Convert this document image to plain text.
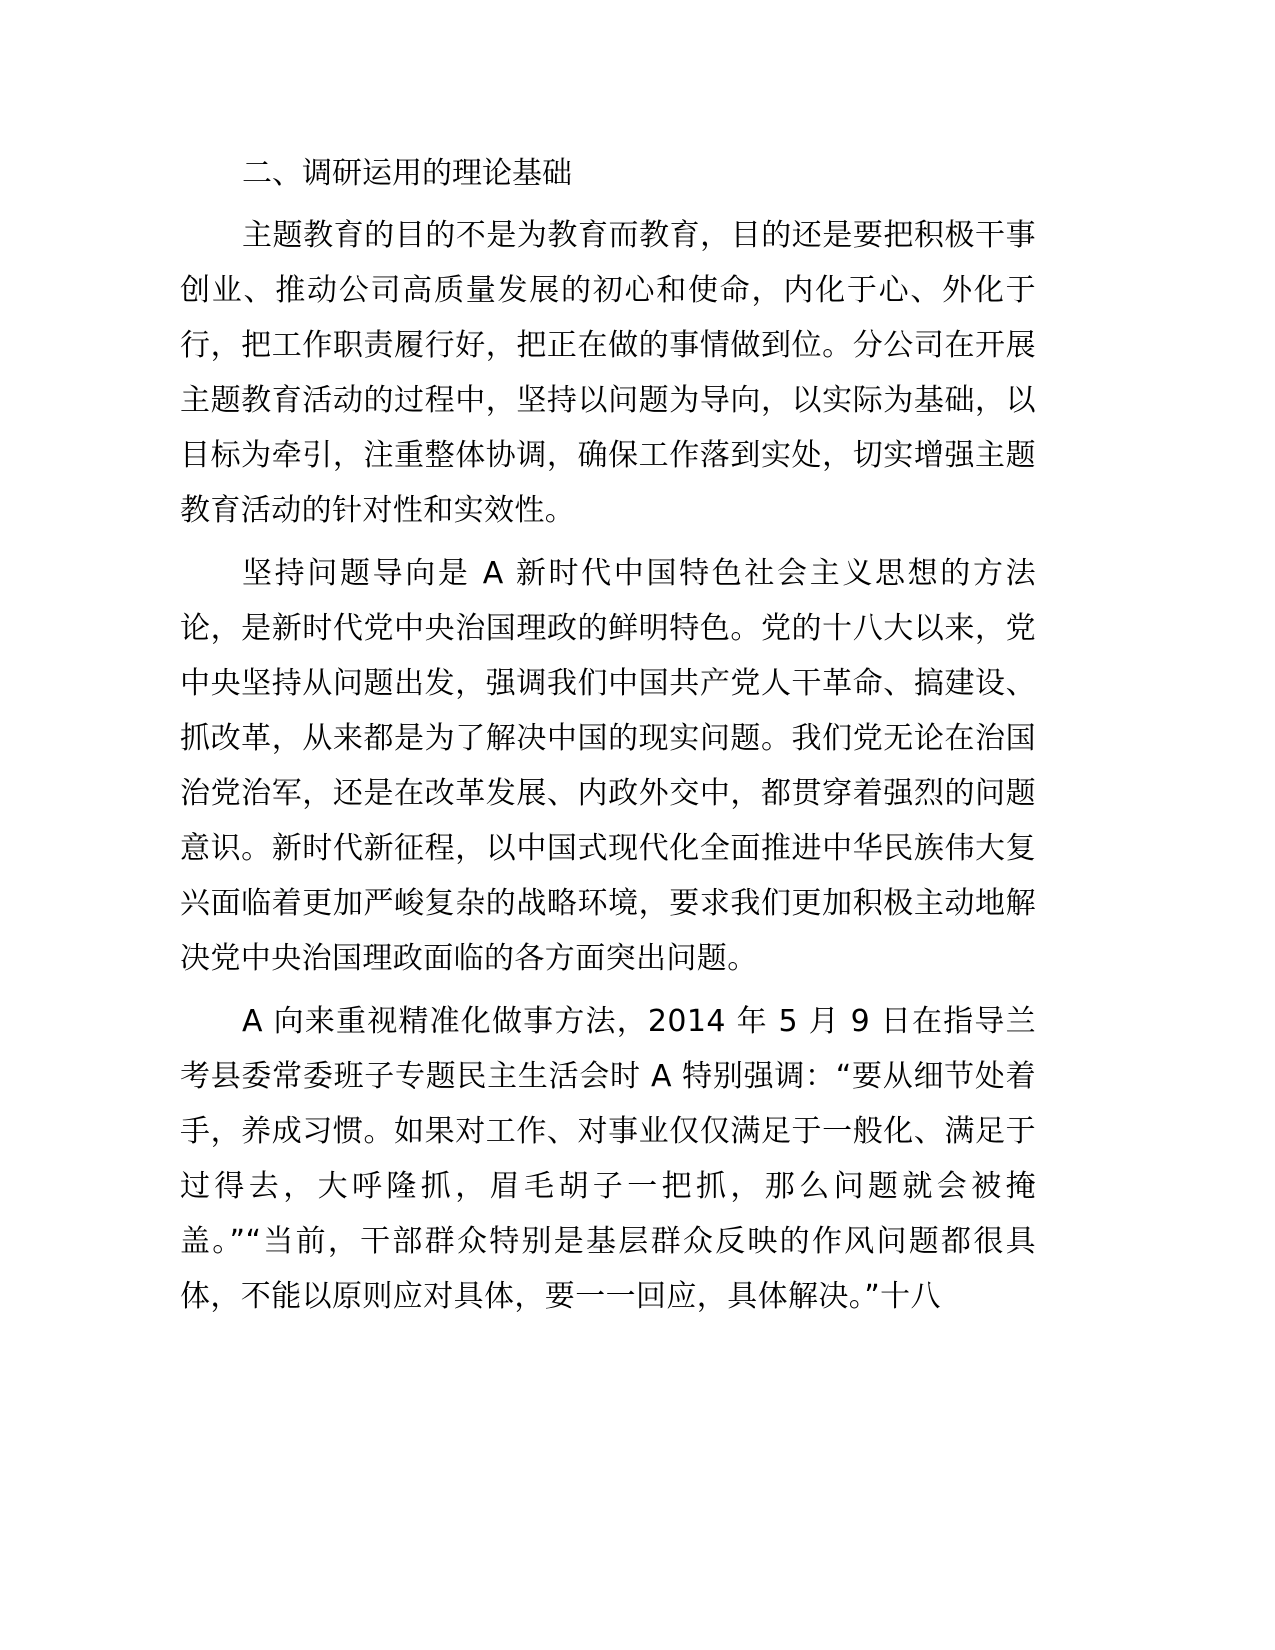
二、调研运用的理论基础

主题教育的目的不是为教育而教育，目的还是要把积极干事创业、推动公司高质量发展的初心和使命，内化于心、外化于行，把工作职责履行好，把正在做的事情做到位。分公司在开展主题教育活动的过程中，坚持以问题为导向，以实际为基础，以目标为牵引，注重整体协调，确保工作落到实处，切实增强主题教育活动的针对性和实效性。

坚持问题导向是 A 新时代中国特色社会主义思想的方法论，是新时代党中央治国理政的鲜明特色。党的十八大以来，党中央坚持从问题出发，强调我们中国共产党人干革命、搞建设、抓改革，从来都是为了解决中国的现实问题。我们党无论在治国治党治军，还是在改革发展、内政外交中，都贯穿着强烈的问题意识。新时代新征程，以中国式现代化全面推进中华民族伟大复兴面临着更加严峻复杂的战略环境，要求我们更加积极主动地解决党中央治国理政面临的各方面突出问题。

A 向来重视精准化做事方法，2014 年 5 月 9 日在指导兰考县委常委班子专题民主生活会时 A 特别强调：“要从细节处着手，养成习惯。如果对工作、对事业仅仅满足于一般化、满足于过得去，大呼隆抓，眉毛胡子一把抓，那么问题就会被掩盖。”“当前，干部群众特别是基层群众反映的作风问题都很具体，不能以原则应对具体，要一一回应，具体解决。”十八
